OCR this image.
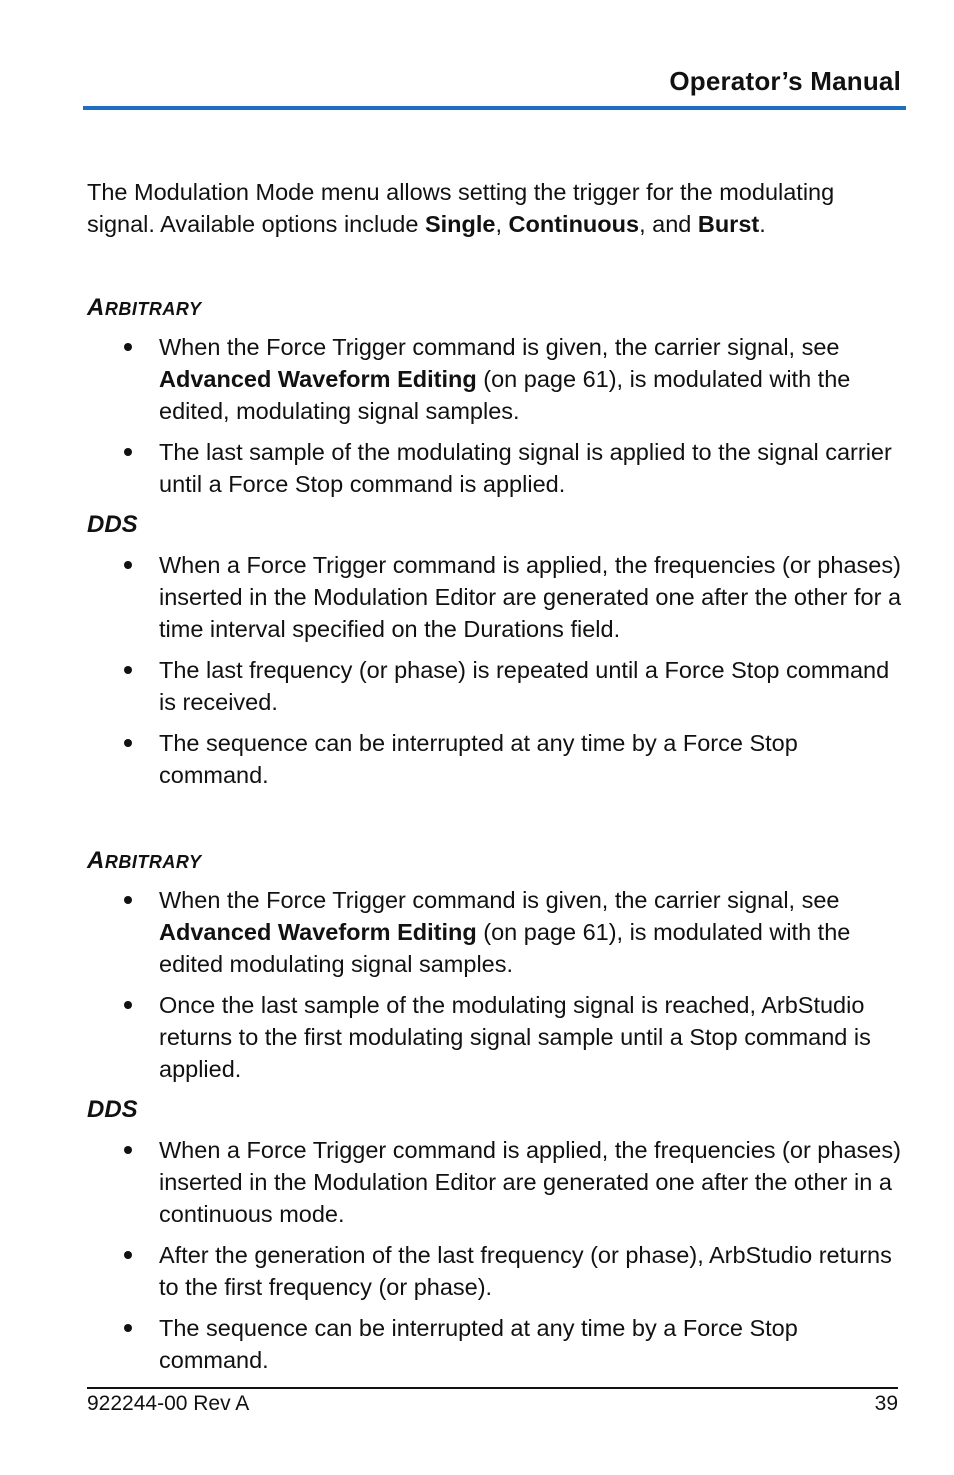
Operator’s Manual

The Modulation Mode menu allows setting the trigger for the modulating signal. Available options include Single, Continuous, and Burst.

ARBITRARY
When the Force Trigger command is given, the carrier signal, see Advanced Waveform Editing (on page 61), is modulated with the edited, modulating signal samples.
The last sample of the modulating signal is applied to the signal carrier until a Force Stop command is applied.
DDS
When a Force Trigger command is applied, the frequencies (or phases) inserted in the Modulation Editor are generated one after the other for a time interval specified on the Durations field.
The last frequency (or phase) is repeated until a Force Stop command is received.
The sequence can be interrupted at any time by a Force Stop command.
ARBITRARY
When the Force Trigger command is given, the carrier signal, see Advanced Waveform Editing (on page 61), is modulated with the edited modulating signal samples.
Once the last sample of the modulating signal is reached, ArbStudio returns to the first modulating signal sample until a Stop command is applied.
DDS
When a Force Trigger command is applied, the frequencies (or phases) inserted in the Modulation Editor are generated one after the other in a continuous mode.
After the generation of the last frequency (or phase), ArbStudio returns to the first frequency (or phase).
The sequence can be interrupted at any time by a Force Stop command.
922244-00 Rev A	39
